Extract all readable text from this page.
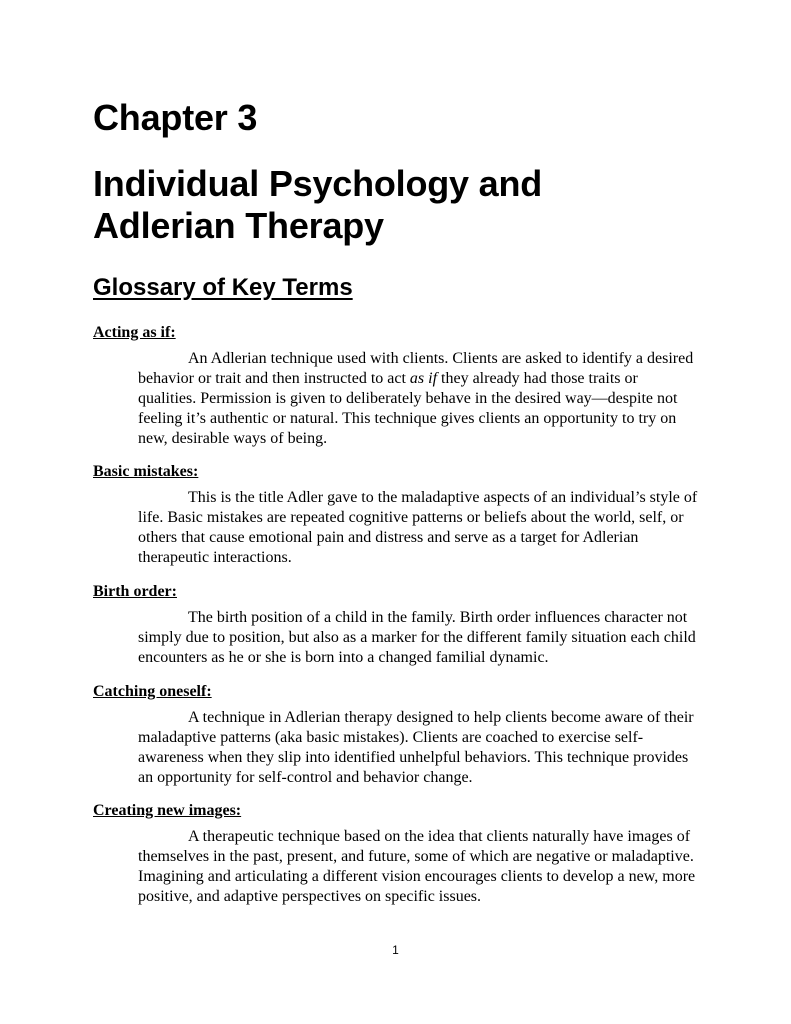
Chapter 3
Individual Psychology and
Adlerian Therapy
Glossary of Key Terms

Acting as if:

An Adlerian technique used with clients. Clients are asked to identify a desired behavior or trait and then instructed to act as if they already had those traits or qualities. Permission is given to deliberately behave in the desired way—despite not feeling it’s authentic or natural. This technique gives clients an opportunity to try on new, desirable ways of being.

Basic mistakes:

This is the title Adler gave to the maladaptive aspects of an individual’s style of life. Basic mistakes are repeated cognitive patterns or beliefs about the world, self, or others that cause emotional pain and distress and serve as a target for Adlerian therapeutic interactions.

Birth order:

The birth position of a child in the family. Birth order influences character not simply due to position, but also as a marker for the different family situation each child encounters as he or she is born into a changed familial dynamic.

Catching oneself:

A technique in Adlerian therapy designed to help clients become aware of their maladaptive patterns (aka basic mistakes). Clients are coached to exercise self-awareness when they slip into identified unhelpful behaviors. This technique provides an opportunity for self-control and behavior change.

Creating new images:

A therapeutic technique based on the idea that clients naturally have images of themselves in the past, present, and future, some of which are negative or maladaptive. Imagining and articulating a different vision encourages clients to develop a new, more positive, and adaptive perspectives on specific issues.

1
